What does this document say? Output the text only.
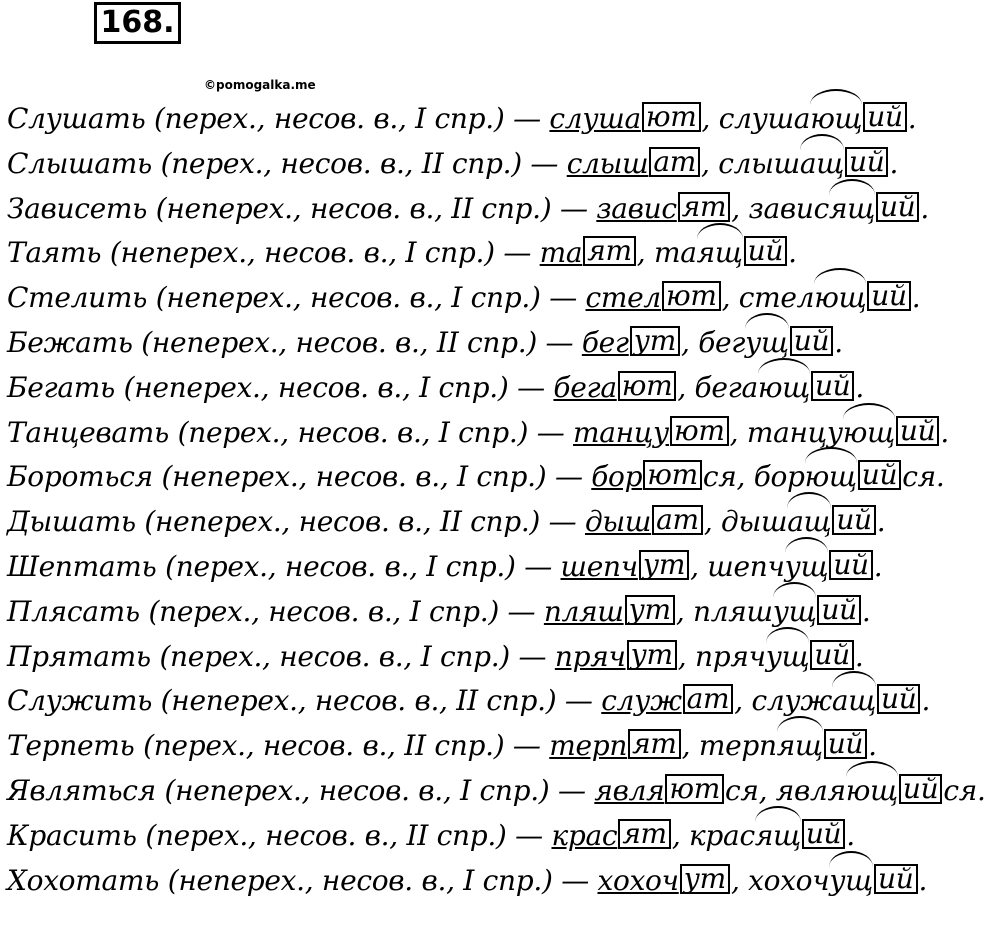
168.
©pomogalka.me
Слушать (перех., несов. в., I спр.) — слуша ют , слушающ ий .
Слышать (перех., несов. в., II спр.) — слыш ат , слышащ ий .
Зависеть (неперех., несов. в., II спр.) — завис ят , зависящ ий .
Таять (неперех., несов. в., I спр.) — та ят , таящ ий .
Стелить (неперех., несов. в., I спр.) — стел ют , стелющ ий .
Бежать (неперех., несов. в., II спр.) — бег ут , бегущ ий .
Бегать (неперех., несов. в., I спр.) — бега ют , бегающ ий .
Танцевать (перех., несов. в., I спр.) — танцу ют , танцующ ий .
Бороться (неперех., несов. в., I спр.) — бор ют ся, борющ ий ся.
Дышать (неперех., несов. в., II спр.) — дыш ат , дышащ ий .
Шептать (перех., несов. в., I спр.) — шепч ут , шепчущ ий .
Плясать (перех., несов. в., I спр.) — пляш ут , пляшущ ий .
Прятать (перех., несов. в., I спр.) — пряч ут , прячущ ий .
Служить (неперех., несов. в., II спр.) — служ ат , служащ ий .
Терпеть (перех., несов. в., II спр.) — терп ят , терпящ ий .
Являться (неперех., несов. в., I спр.) — явля ют ся, являющ ий ся.
Красить (перех., несов. в., II спр.) — крас ят , красящ ий .
Хохотать (неперех., несов. в., I спр.) — хохоч ут , хохочущ ий .
